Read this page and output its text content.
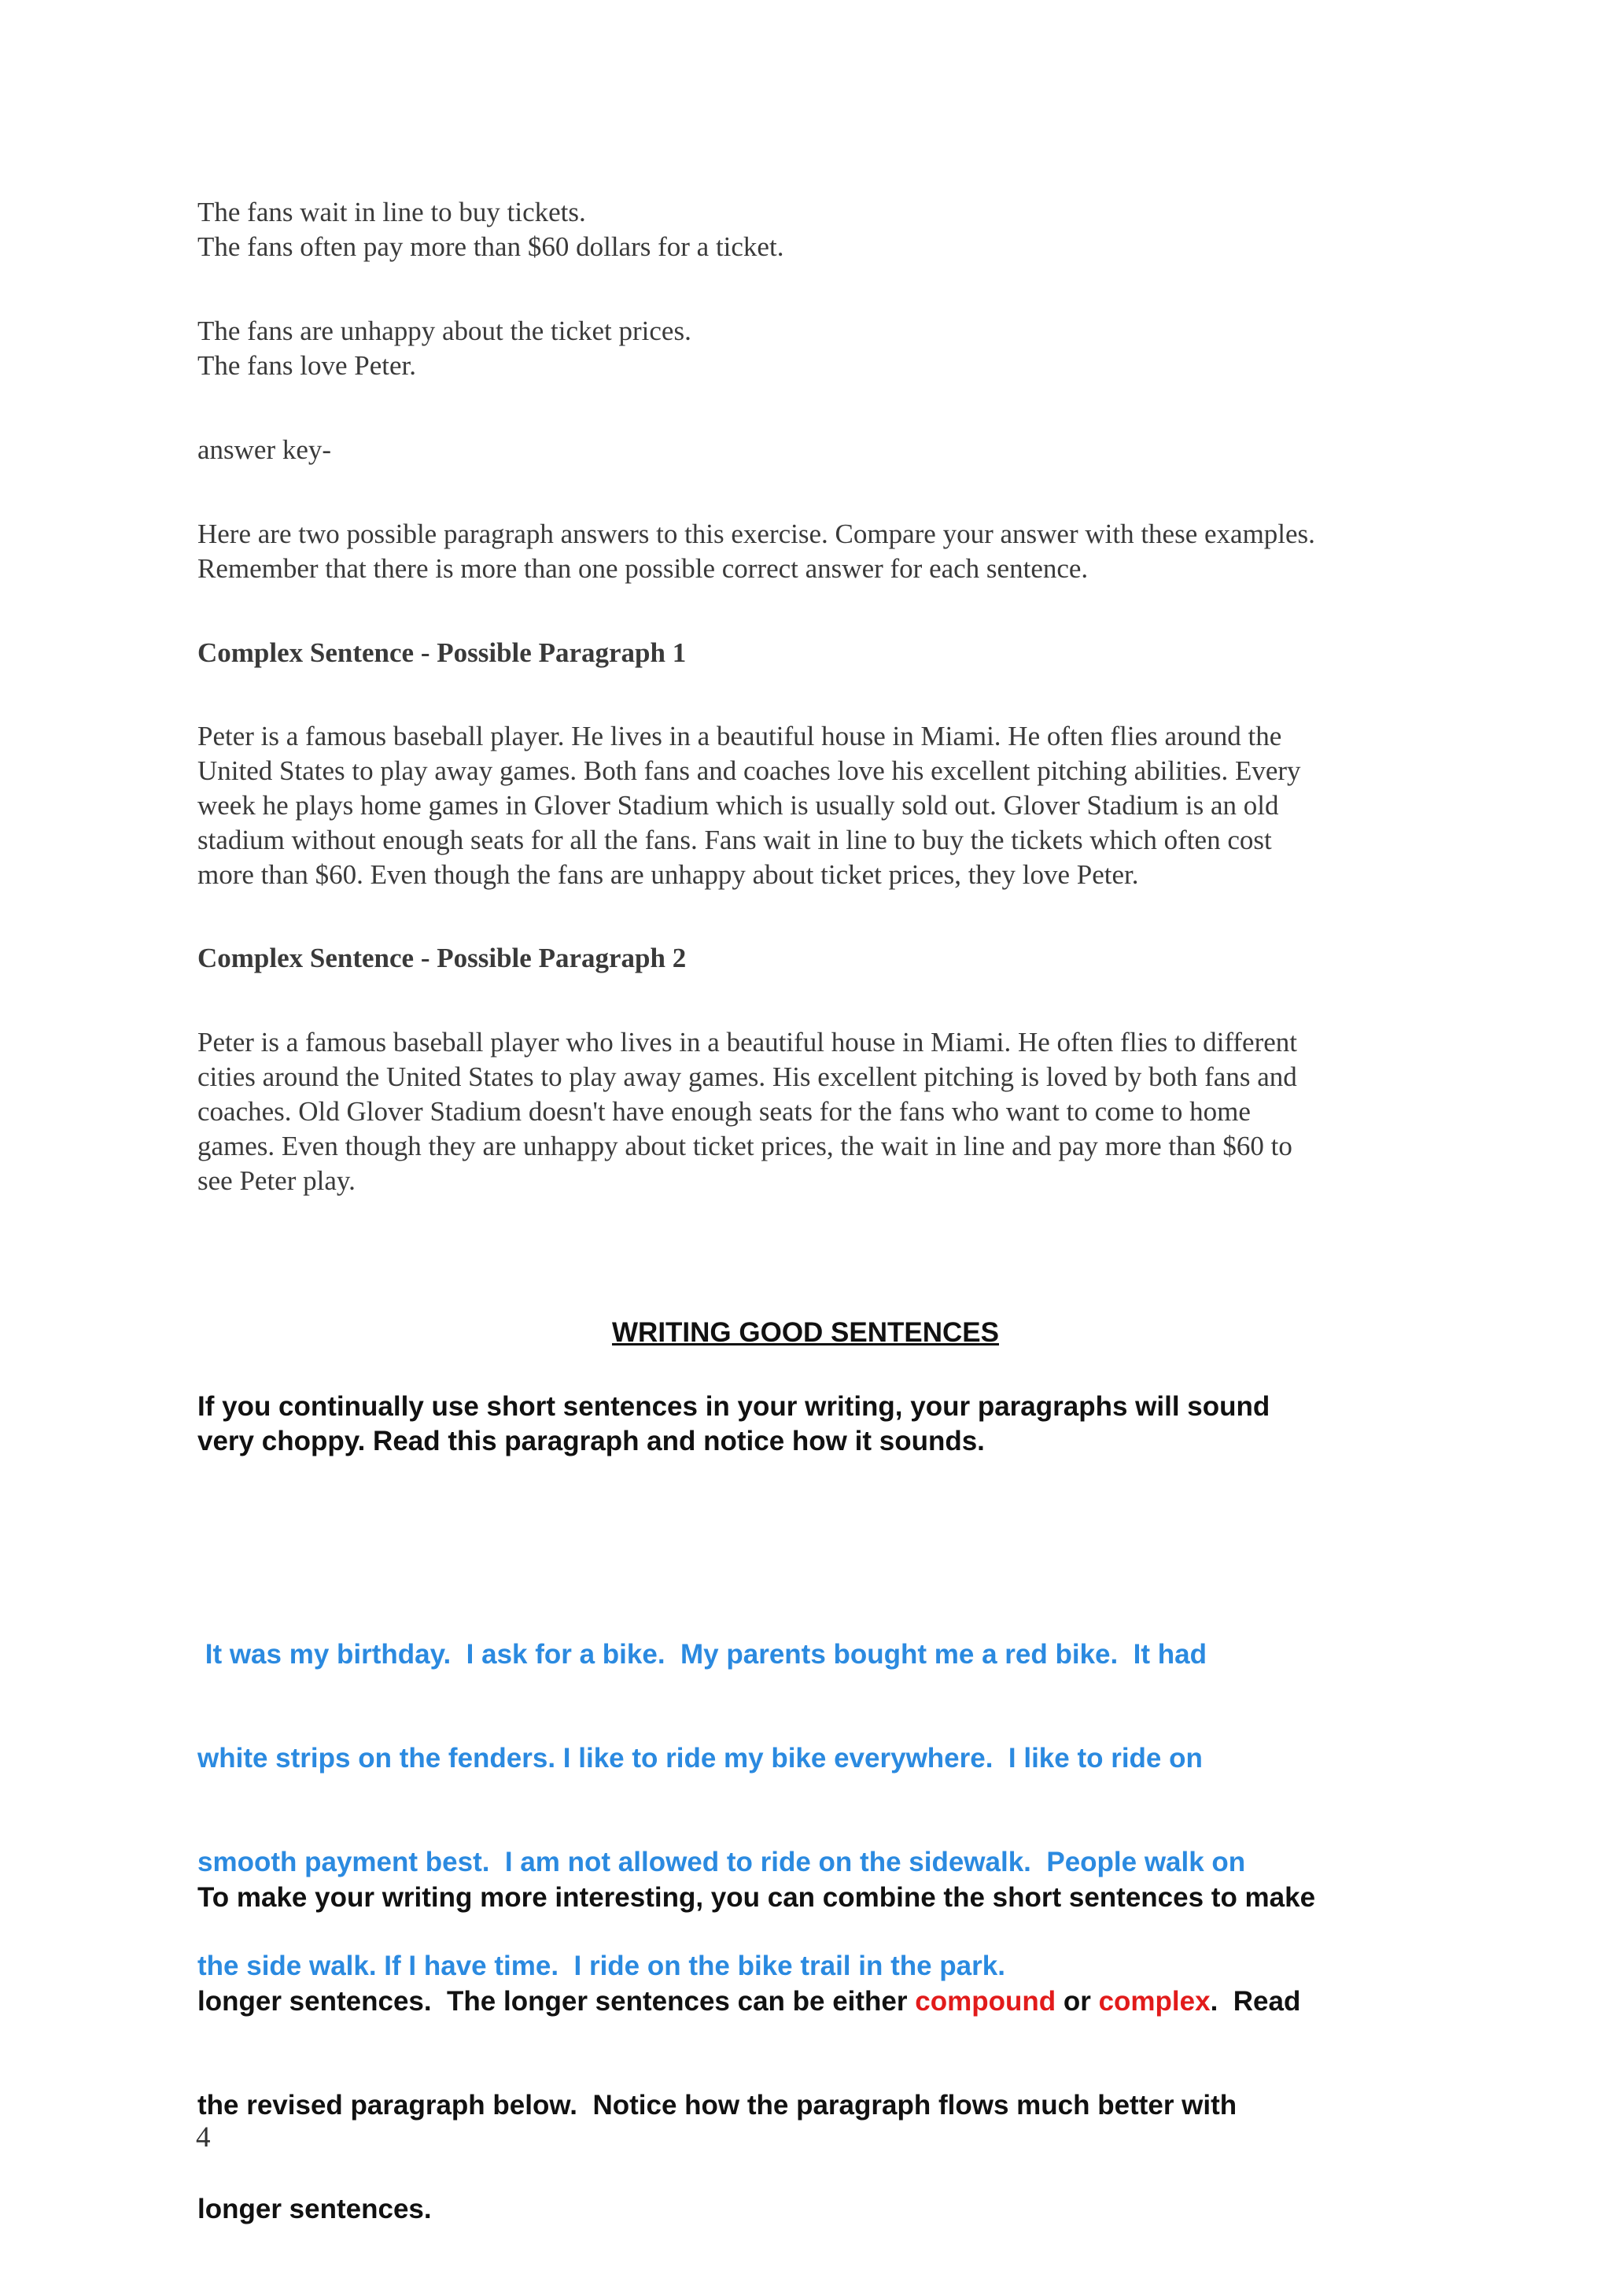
The fans wait in line to buy tickets.

The fans often pay more than $60 dollars for a ticket.

The fans are unhappy about the ticket prices.

The fans love Peter.

answer key-

Here are two possible paragraph answers to this exercise. Compare your answer with these examples.

Remember that there is more than one possible correct answer for each sentence.

Complex Sentence - Possible Paragraph 1

Peter is a famous baseball player. He lives in a beautiful house in Miami. He often flies around the

United States to play away games. Both fans and coaches love his excellent pitching abilities. Every

week he plays home games in Glover Stadium which is usually sold out. Glover Stadium is an old

stadium without enough seats for all the fans. Fans wait in line to buy the tickets which often cost

more than $60. Even though the fans are unhappy about ticket prices, they love Peter.

Complex Sentence - Possible Paragraph 2

Peter is a famous baseball player who lives in a beautiful house in Miami. He often flies to different

cities around the United States to play away games. His excellent pitching is loved by both fans and

coaches. Old Glover Stadium doesn't have enough seats for the fans who want to come to home

games. Even though they are unhappy about ticket prices, the wait in line and pay more than $60 to

see Peter play.

WRITING GOOD SENTENCES
If you continually use short sentences in your writing, your paragraphs will sound
very choppy. Read this paragraph and notice how it sounds.

It was my birthday.  I ask for a bike.  My parents bought me a red bike.  It had

white strips on the fenders. I like to ride my bike everywhere.  I like to ride on

smooth payment best.  I am not allowed to ride on the sidewalk.  People walk on

the side walk. If I have time.  I ride on the bike trail in the park.

To make your writing more interesting, you can combine the short sentences to make

longer sentences.  The longer sentences can be either compound or complex.  Read

the revised paragraph below.  Notice how the paragraph flows much better with

longer sentences.

4
